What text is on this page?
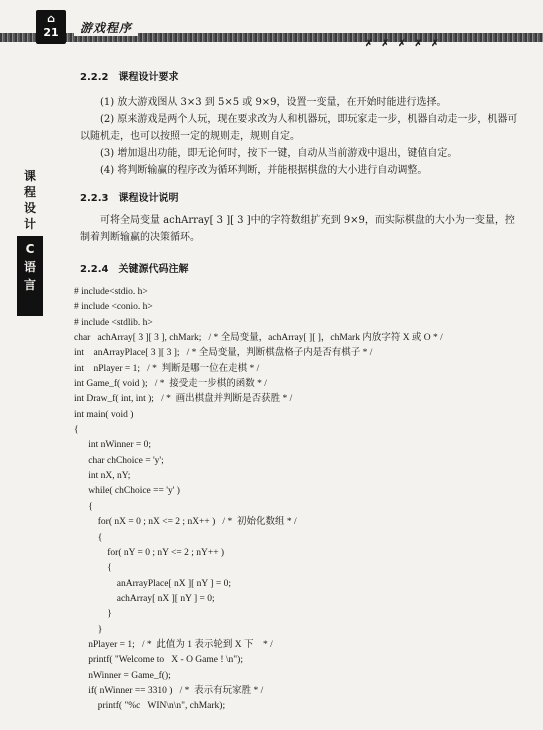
⌂
21	游戏程序
✗✗✗✗✗
课
程
设
计
C
语
言
2.2.2　课程设计要求
(1) 放大游戏图从 3×3 到 5×5 或 9×9，设置一变量，在开始时能进行选择。
(2) 原来游戏是两个人玩，现在要求改为人和机器玩，即玩家走一步，机器自动走一步，机器可以随机走，也可以按照一定的规则走，规则自定。
(3) 增加退出功能，即无论何时，按下一键，自动从当前游戏中退出，键值自定。
(4) 将判断输赢的程序改为循环判断，并能根据棋盘的大小进行自动调整。
2.2.3　课程设计说明
可将全局变量 achArray[ 3 ][ 3 ]中的字符数组扩充到 9×9，而实际棋盘的大小为一变量，控制着判断输赢的决策循环。
2.2.4　关键源代码注解
# include<stdio. h>
# include <conio. h>
# include <stdlib. h>
char   achArray[ 3 ][ 3 ], chMark;   / * 全局变量，achArray[ ][ ]，chMark 内放字符 X 或 O * /
int    anArrayPlace[ 3 ][ 3 ];   / * 全局变量，判断棋盘格子内是否有棋子 * /
int    nPlayer = 1;   / *  判断是哪一位在走棋 * /
int Game_f( void );   / *  接受走一步棋的函数 * /
int Draw_f( int, int );   / *  画出棋盘并判断是否获胜 * /
int main( void )
{
int nWinner = 0;
char chChoice = 'y';
int nX, nY;
while( chChoice == 'y' )
{
for( nX = 0 ; nX <= 2 ; nX++ )   / *  初始化数组 * /
{
for( nY = 0 ; nY <= 2 ; nY++ )
{
anArrayPlace[ nX ][ nY ] = 0;
achArray[ nX ][ nY ] = 0;
}
}
nPlayer = 1;   / *  此值为 1 表示轮到 X 下    * /
printf( "Welcome to   X - O Game ! \n");
nWinner = Game_f();
if( nWinner == 3310 )   / *  表示有玩家胜 * /
printf( "%c   WIN\n\n", chMark);
